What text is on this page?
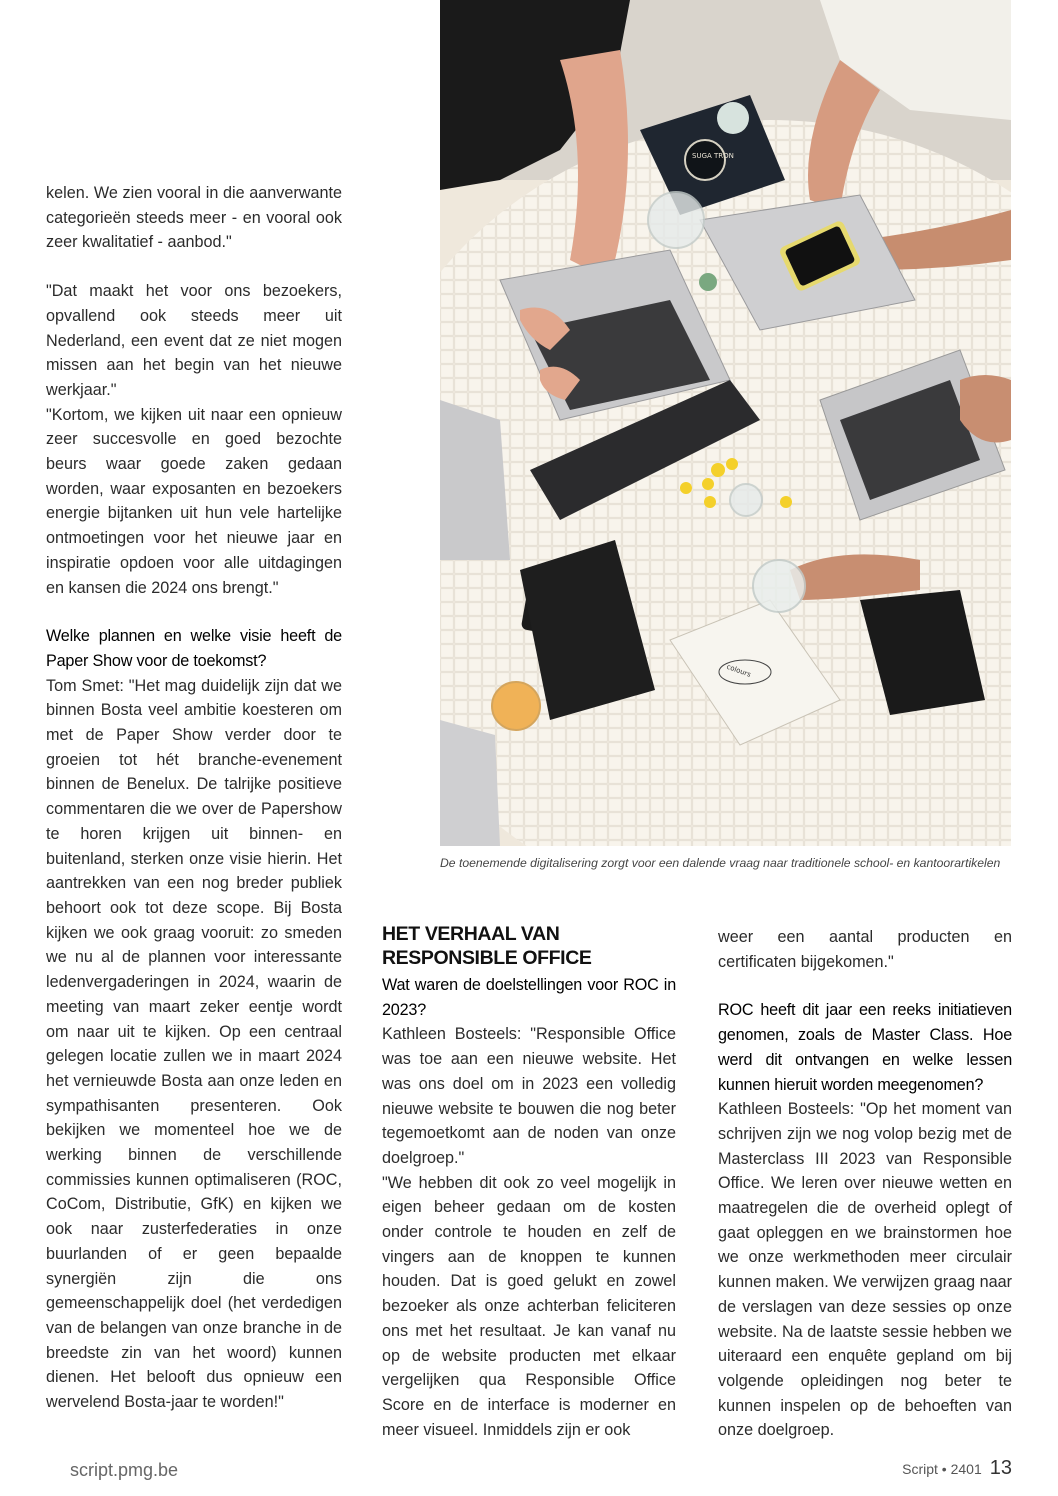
kelen. We zien vooral in die aanverwante categorieën steeds meer - en vooral ook zeer kwalitatief - aanbod."

"Dat maakt het voor ons bezoekers, opvallend ook steeds meer uit Nederland, een event dat ze niet mogen missen aan het begin van het nieuwe werkjaar."

"Kortom, we kijken uit naar een opnieuw zeer succesvolle en goed bezochte beurs waar goede zaken gedaan worden, waar exposanten en bezoekers energie bijtanken uit hun vele hartelijke ontmoetingen voor het nieuwe jaar en inspiratie opdoen voor alle uitdagingen en kansen die 2024 ons brengt."

Welke plannen en welke visie heeft de Paper Show voor de toekomst?

Tom Smet: "Het mag duidelijk zijn dat we binnen Bosta veel ambitie koesteren om met de Paper Show verder door te groeien tot hét branche-evenement binnen de Benelux. De talrijke positieve commentaren die we over de Papershow te horen krijgen uit binnen- en buitenland, sterken onze visie hierin. Het aantrekken van een nog breder publiek behoort ook tot deze scope. Bij Bosta kijken we ook graag vooruit: zo smeden we nu al de plannen voor interessante ledenvergaderingen in 2024, waarin de meeting van maart zeker eentje wordt om naar uit te kijken. Op een centraal gelegen locatie zullen we in maart 2024 het vernieuwde Bosta aan onze leden en sympathisanten presenteren. Ook bekijken we momenteel hoe we de werking binnen de verschillende commissies kunnen optimaliseren (ROC, CoCom, Distributie, GfK) en kijken we ook naar zusterfederaties in onze buurlanden of er geen bepaalde synergiën zijn die ons gemeenschappelijk doel (het verdedigen van de belangen van onze branche in de breedste zin van het woord) kunnen dienen. Het belooft dus opnieuw een wervelend Bosta-jaar te worden!"

SUGA TRON
colours
De toenemende digitalisering zorgt voor een dalende vraag naar traditionele school- en kantoorartikelen

HET VERHAAL VAN RESPONSIBLE OFFICE

Wat waren de doelstellingen voor ROC in 2023?

Kathleen Bosteels: "Responsible Office was toe aan een nieuwe website. Het was ons doel om in 2023 een volledig nieuwe website te bouwen die nog beter tegemoetkomt aan de noden van onze doelgroep."

"We hebben dit ook zo veel mogelijk in eigen beheer gedaan om de kosten onder controle te houden en zelf de vingers aan de knoppen te kunnen houden. Dat is goed gelukt en zowel bezoeker als onze achterban feliciteren ons met het resultaat. Je kan vanaf nu op de website producten met elkaar vergelijken qua Responsible Office Score en de interface is moderner en meer visueel. Inmiddels zijn er ook

weer een aantal producten en certificaten bijgekomen."

ROC heeft dit jaar een reeks initiatieven genomen, zoals de Master Class. Hoe werd dit ontvangen en welke lessen kunnen hieruit worden meegenomen?

Kathleen Bosteels: "Op het moment van schrijven zijn we nog volop bezig met de Masterclass III 2023 van Responsible Office. We leren over nieuwe wetten en maatregelen die de overheid oplegt of gaat opleggen en we brainstormen hoe we onze werkmethoden meer circulair kunnen maken. We verwijzen graag naar de verslagen van deze sessies op onze website. Na de laatste sessie hebben we uiteraard een enquête gepland om bij volgende opleidingen nog beter te kunnen inspelen op de behoeften van onze doelgroep.

script.pmg.be	Script • 2401 13
